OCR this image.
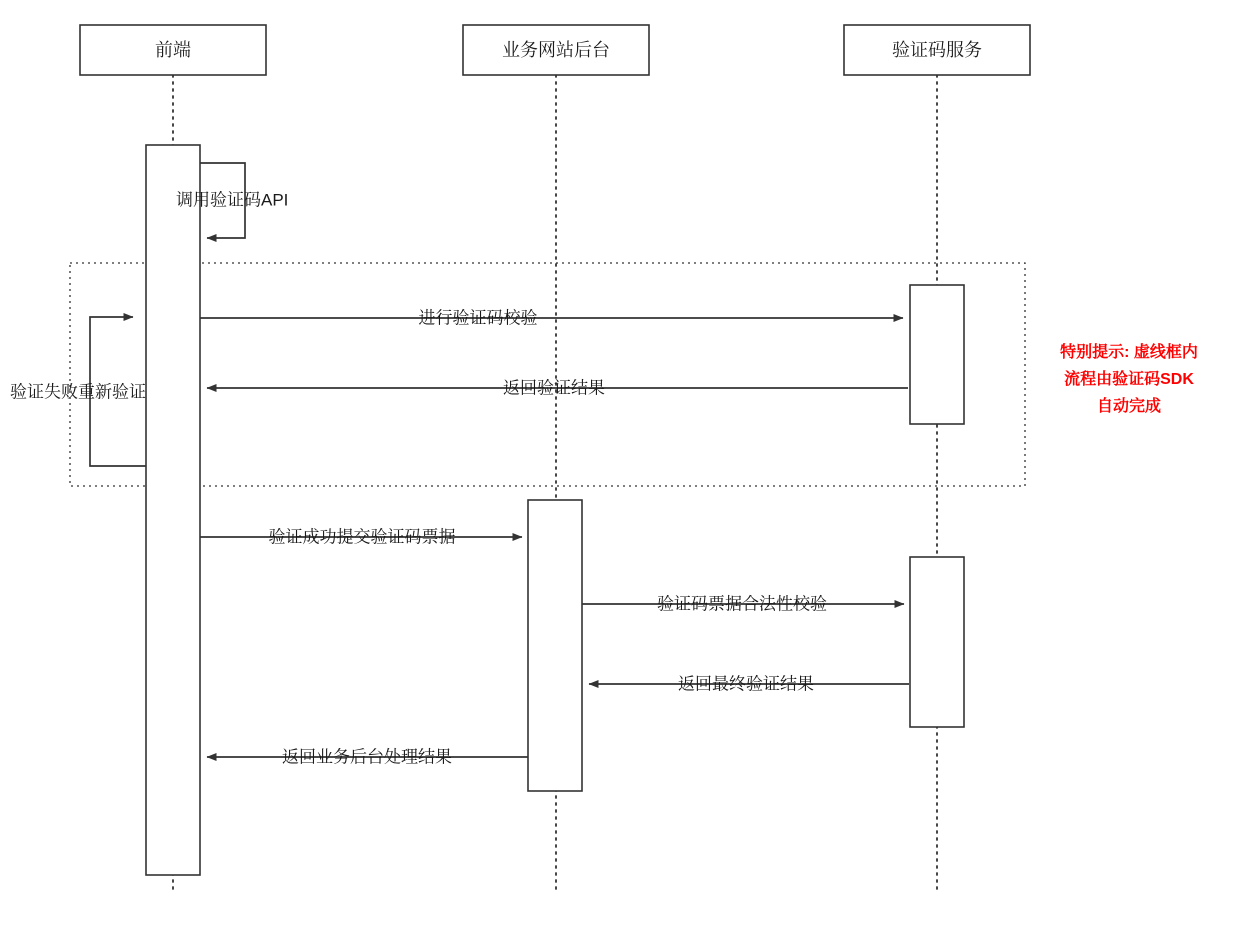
前端	业务网站后台	验证码服务
调用验证码API
进行验证码校验
返回验证结果
验证失败重新验证
验证成功提交验证码票据
验证码票据合法性校验
返回最终验证结果
返回业务后台处理结果
特别提示: 虚线框内
流程由验证码SDK
自动完成
